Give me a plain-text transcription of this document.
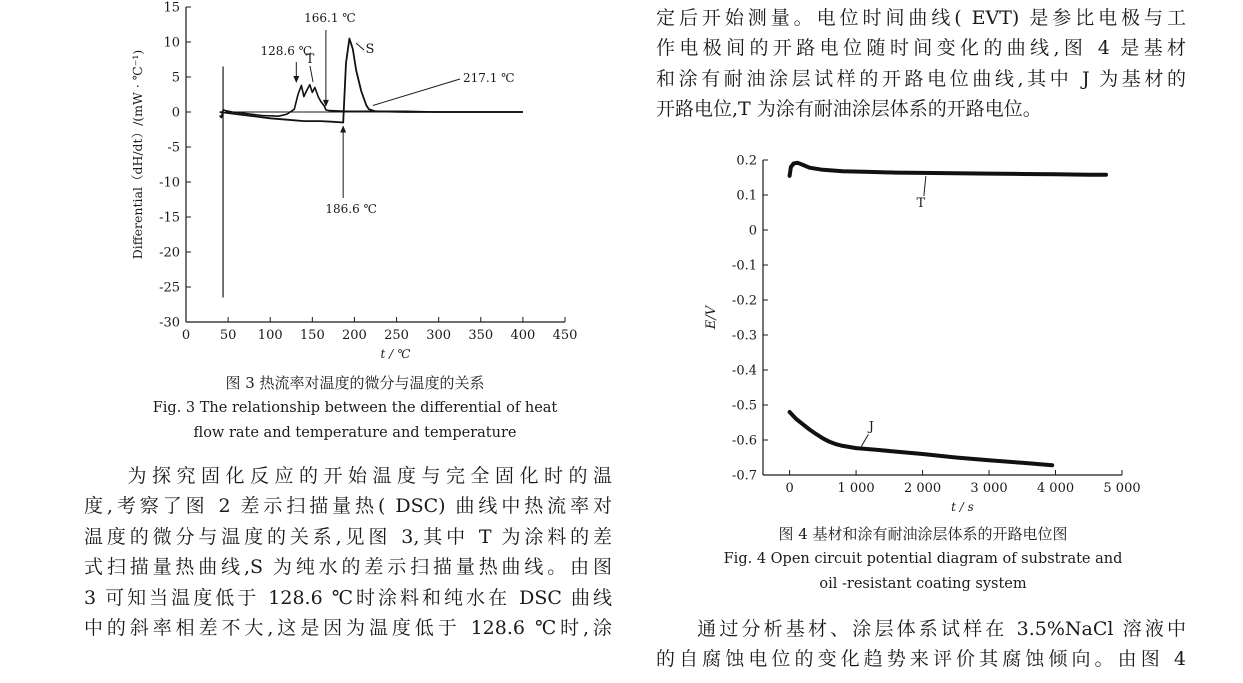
15
10
5
0
-5
-10
-15
-20
-25
-30
0 50 100 150 200 250 300 350 400 450
t / ℃
Differential（dH/dt）/(mW · ℃⁻¹)	128.6 ℃
166.1 ℃
217.1 ℃
186.6 ℃
T
S
图 3 热流率对温度的微分与温度的关系
Fig. 3 The relationship between the differential of heat
flow rate and temperature and temperature
为探究固化反应的开始温度与完全固化时的温
度,考察了图 2 差示扫描量热( DSC) 曲线中热流率对
温度的微分与温度的关系,见图 3,其中 T 为涂料的差
式扫描量热曲线,S 为纯水的差示扫描量热曲线。由图
3 可知当温度低于 128.6 ℃时涂料和纯水在 DSC 曲线
中的斜率相差不大,这是因为温度低于 128.6 ℃时,涂
定后开始测量。电位时间曲线( EVT) 是参比电极与工
作电极间的开路电位随时间变化的曲线,图 4 是基材
和涂有耐油涂层试样的开路电位曲线,其中 J 为基材的
开路电位,T 为涂有耐油涂层体系的开路电位。
0.2
0.1
0
-0.1
-0.2
-0.3
-0.4
-0.5
-0.6
-0.7
0	1 000 2 000 3 000 4 000 5 000
t / s
E/V
T
J
图 4 基材和涂有耐油涂层体系的开路电位图
Fig. 4 Open circuit potential diagram of substrate and
oil -resistant coating system
通过分析基材、涂层体系试样在 3.5%NaCl 溶液中
的自腐蚀电位的变化趋势来评价其腐蚀倾向。由图 4
